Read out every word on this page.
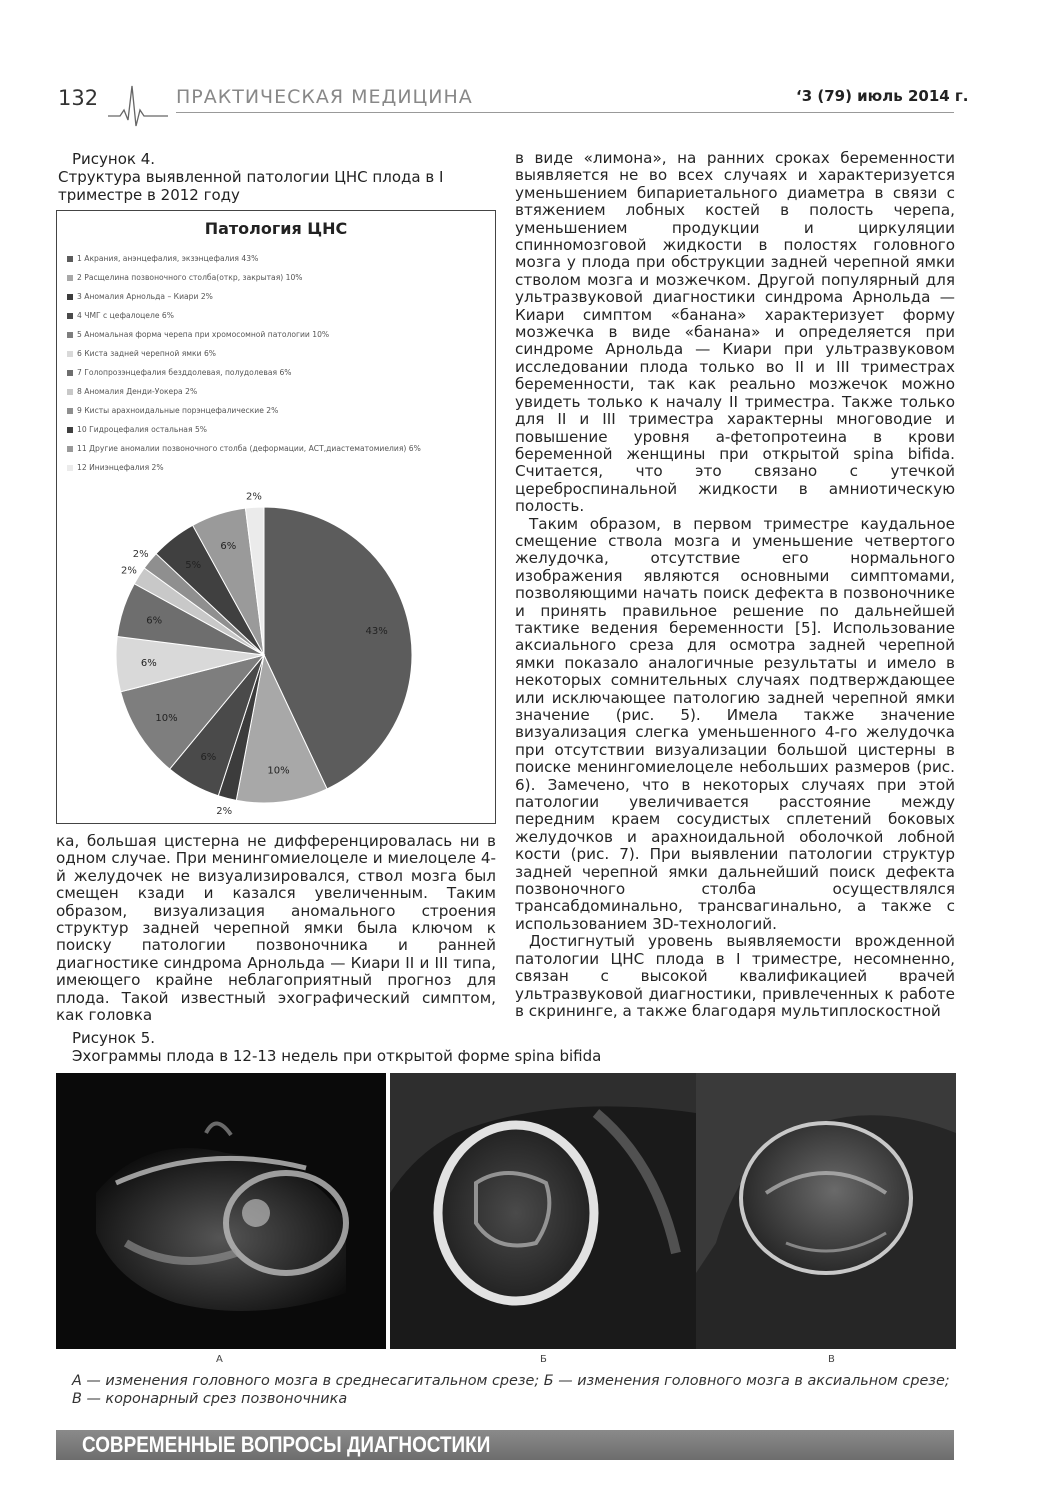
132	ПРАКТИЧЕСКАЯ МЕДИЦИНА	‘3 (79) июль 2014 г.
Рисунок 4.
Структура выявленной патологии ЦНС плода в I триместре в 2012 году
Патология ЦНС
1 Акрания, анэнцефалия, экзэнцефалия 43%
2 Расщелина позвоночного столба(откр, закрытая) 10%
3 Аномалия Арнольда – Киари 2%
4 ЧМГ с цефалоцеле 6%
5 Аномальная форма черепа при хромосомной патологии 10%
6 Киста задней черепной ямки 6%
7 Голопрозэнцефалия безддолевая, полудолевая 6%
8 Аномалия Денди-Уокера 2%
9 Кисты арахноидальные порэнцефалические 2%
10 Гидроцефалия остальная 5%
11 Другие аномалии позвоночного столба (деформации, АСТ,диастематомиелия) 6%
12 Иниэнцефалия 2%
43%
10%
2%
6%
10%
6%
6%
2%
2%
5%
6%
2%

ка, большая цистерна не дифференцировалась ни в одном случае. При менингомиелоцеле и миелоцеле 4-й желудочек не визуализировался, ствол мозга был смещен кзади и казался увеличенным. Таким образом, визуализация аномального строения структур задней черепной ямки была ключом к поиску патологии позвоночника и ранней диагностике синдрома Арнольда — Киари II и III типа, имеющего крайне неблагоприятный прогноз для плода. Такой известный эхографический симптом, как головка

в виде «лимона», на ранних сроках беременности выявляется не во всех случаях и характеризуется уменьшением бипариетального диаметра в связи с втяжением лобных костей в полость черепа, уменьшением продукции и циркуляции спинномозговой жидкости в полостях головного мозга у плода при обструкции задней черепной ямки стволом мозга и мозжечком. Другой популярный для ультразвуковой диагностики синдрома Арнольда — Киари симптом «банана» характеризует форму мозжечка в виде «банана» и определяется при синдроме Арнольда — Киари при ультразвуковом исследовании плода только во II и III триместрах беременности, так как реально мозжечок можно увидеть только к началу II триместра. Также только для II и III триместра характерны многоводие и повышение уровня а-фетопротеина в крови беременной женщины при открытой spina bifida. Считается, что это связано с утечкой цереброспинальной жидкости в амниотическую полость.

Таким образом, в первом триместре каудальное смещение ствола мозга и уменьшение четвертого желудочка, отсутствие его нормального изображения являются основными симптомами, позволяющими начать поиск дефекта в позвоночнике и принять правильное решение по дальнейшей тактике ведения беременности [5]. Использование аксиального среза для осмотра задней черепной ямки показало аналогичные результаты и имело в некоторых сомнительных случаях подтверждающее или исключающее патологию задней черепной ямки значение (рис. 5). Имела также значение визуализация слегка уменьшенного 4-го желудочка при отсутствии визуализации большой цистерны в поиске менингомиелоцеле небольших размеров (рис. 6). Замечено, что в некоторых случаях при этой патологии увеличивается расстояние между передним краем сосудистых сплетений боковых желудочков и арахноидальной оболочкой лобной кости (рис. 7). При выявлении патологии структур задней черепной ямки дальнейший поиск дефекта позвоночного столба осуществлялся трансабдоминально, трансвагинально, а также с использованием 3D-технологий.

Достигнутый уровень выявляемости врожденной патологии ЦНС плода в I триместре, несомненно, связан с высокой квалификацией врачей ультразвуковой диагностики, привлеченных к работе в скрининге, а также благодаря мультиплоскостной

Рисунок 5.
Эхограммы плода в 12-13 недель при открытой форме spina bifida
А	Б	В
А — изменения головного мозга в среднесагитальном срезе; Б — изменения головного мозга в аксиальном срезе; В — коронарный срез позвоночника
СОВРЕМЕННЫЕ ВОПРОСЫ ДИАГНОСТИКИ
